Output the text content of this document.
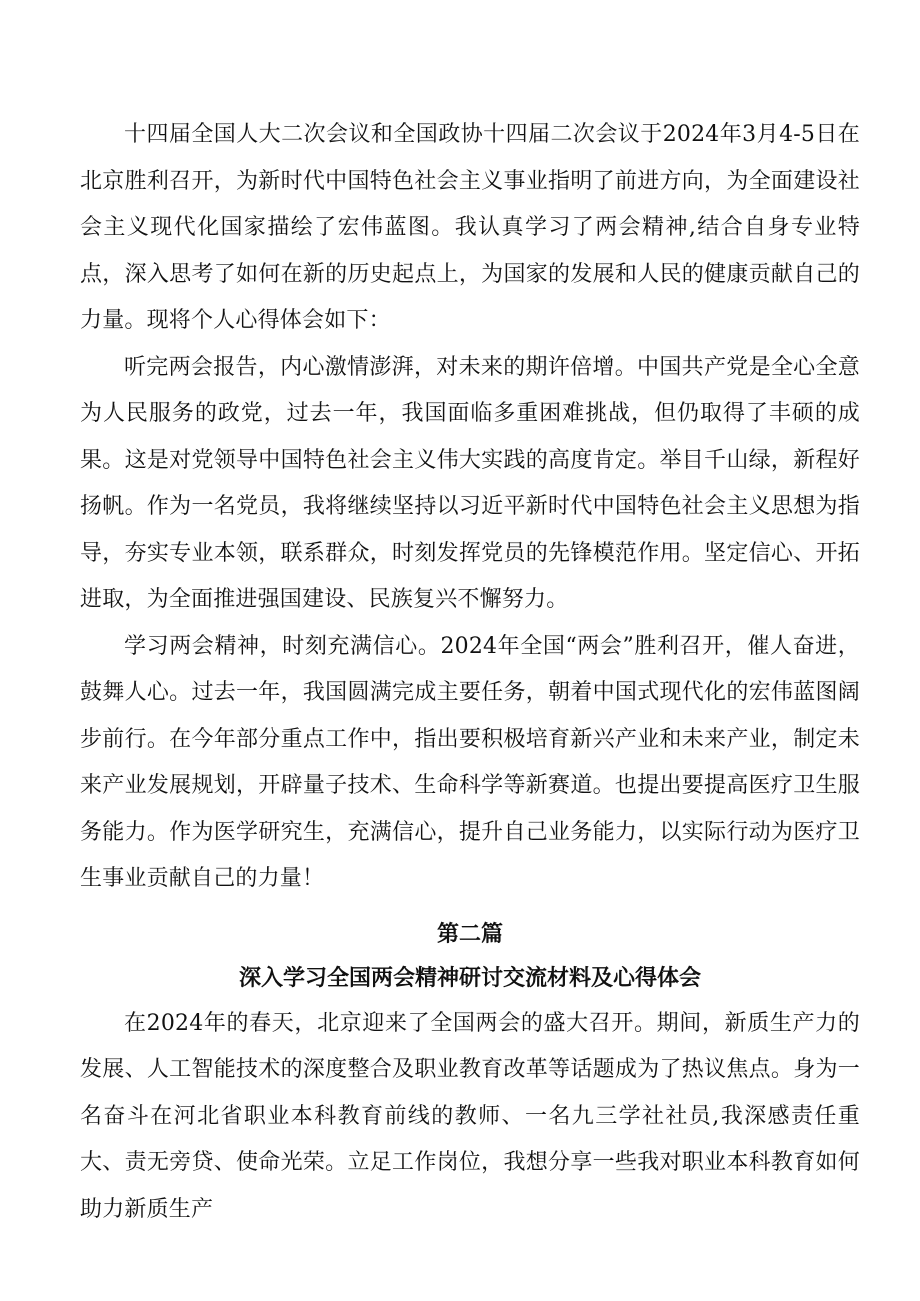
十四届全国人大二次会议和全国政协十四届二次会议于2024年3月4-5日在北京胜利召开，为新时代中国特色社会主义事业指明了前进方向，为全面建设社会主义现代化国家描绘了宏伟蓝图。我认真学习了两会精神,结合自身专业特点，深入思考了如何在新的历史起点上，为国家的发展和人民的健康贡献自己的力量。现将个人心得体会如下：

听完两会报告，内心激情澎湃，对未来的期许倍增。中国共产党是全心全意为人民服务的政党，过去一年，我国面临多重困难挑战，但仍取得了丰硕的成果。这是对党领导中国特色社会主义伟大实践的高度肯定。举目千山绿，新程好扬帆。作为一名党员，我将继续坚持以习近平新时代中国特色社会主义思想为指导，夯实专业本领，联系群众，时刻发挥党员的先锋模范作用。坚定信心、开拓进取，为全面推进强国建设、民族复兴不懈努力。

学习两会精神，时刻充满信心。2024年全国“两会”胜利召开，催人奋进，鼓舞人心。过去一年，我国圆满完成主要任务，朝着中国式现代化的宏伟蓝图阔步前行。在今年部分重点工作中，指出要积极培育新兴产业和未来产业，制定未来产业发展规划，开辟量子技术、生命科学等新赛道。也提出要提高医疗卫生服务能力。作为医学研究生，充满信心，提升自己业务能力，以实际行动为医疗卫生事业贡献自己的力量！

第二篇
深入学习全国两会精神研讨交流材料及心得体会

在2024年的春天，北京迎来了全国两会的盛大召开。期间，新质生产力的发展、人工智能技术的深度整合及职业教育改革等话题成为了热议焦点。身为一名奋斗在河北省职业本科教育前线的教师、一名九三学社社员,我深感责任重大、责无旁贷、使命光荣。立足工作岗位，我想分享一些我对职业本科教育如何助力新质生产
